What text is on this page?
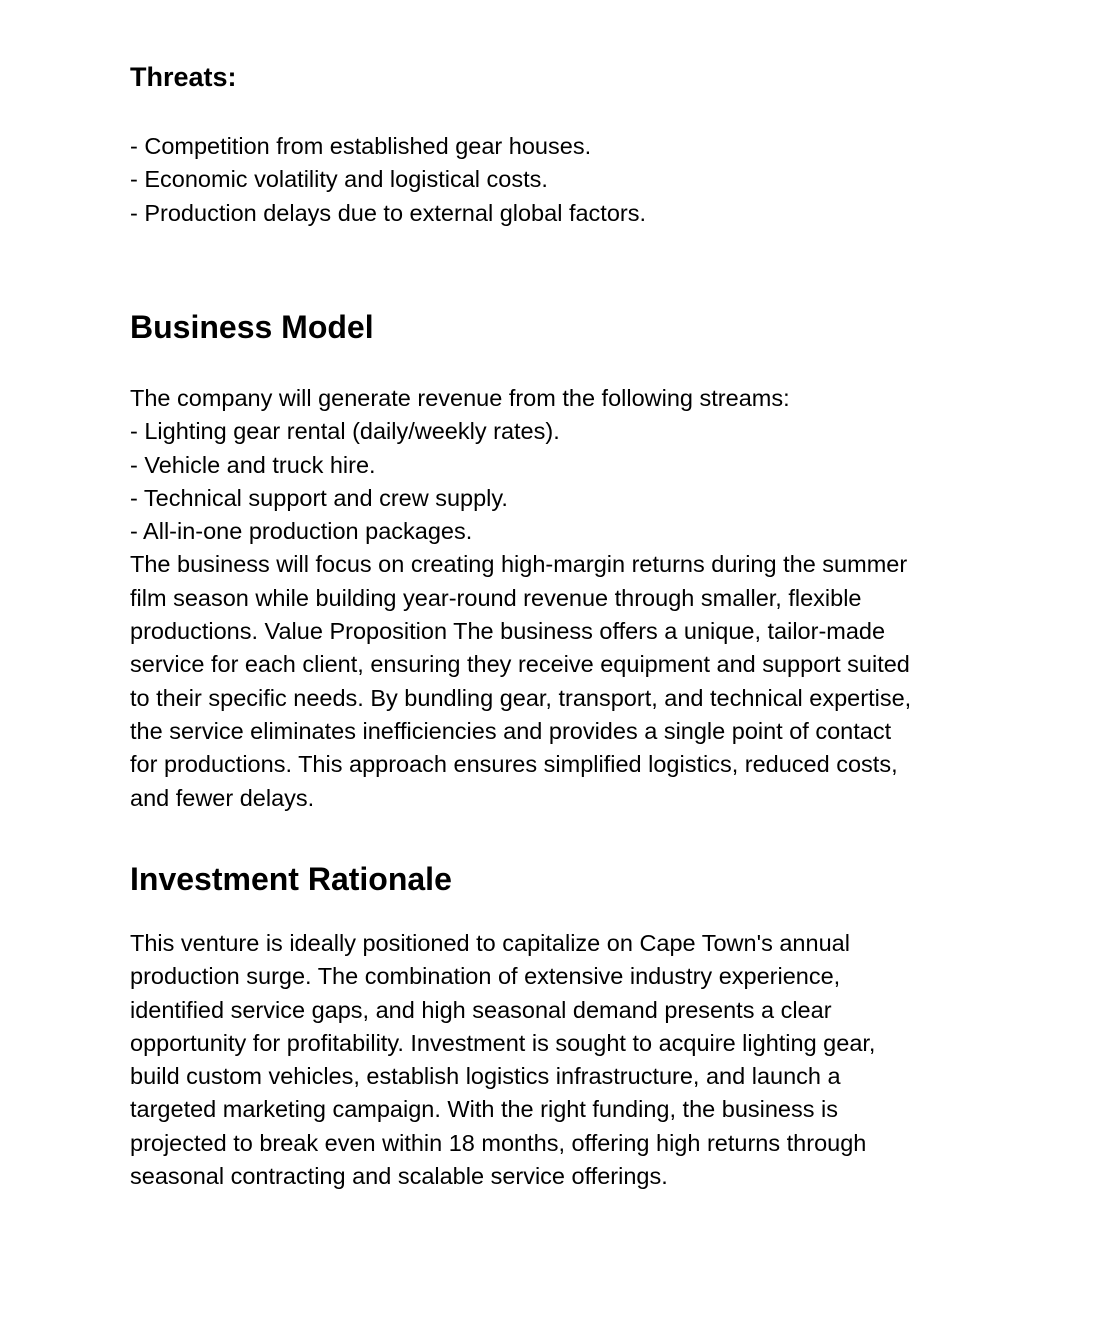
Threats:
- Competition from established gear houses.
- Economic volatility and logistical costs.
- Production delays due to external global factors.
Business Model

The company will generate revenue from the following streams:

- Lighting gear rental (daily/weekly rates).
- Vehicle and truck hire.
- Technical support and crew supply.
- All-in-one production packages.
The business will focus on creating high-margin returns during the summer
film season while building year-round revenue through smaller, flexible
productions. Value Proposition The business offers a unique, tailor-made
service for each client, ensuring they receive equipment and support suited
to their specific needs. By bundling gear, transport, and technical expertise,
the service eliminates inefficiencies and provides a single point of contact
for productions. This approach ensures simplified logistics, reduced costs,
and fewer delays.
Investment Rationale
This venture is ideally positioned to capitalize on Cape Town's annual
production surge. The combination of extensive industry experience,
identified service gaps, and high seasonal demand presents a clear
opportunity for profitability. Investment is sought to acquire lighting gear,
build custom vehicles, establish logistics infrastructure, and launch a
targeted marketing campaign. With the right funding, the business is
projected to break even within 18 months, offering high returns through
seasonal contracting and scalable service offerings.
